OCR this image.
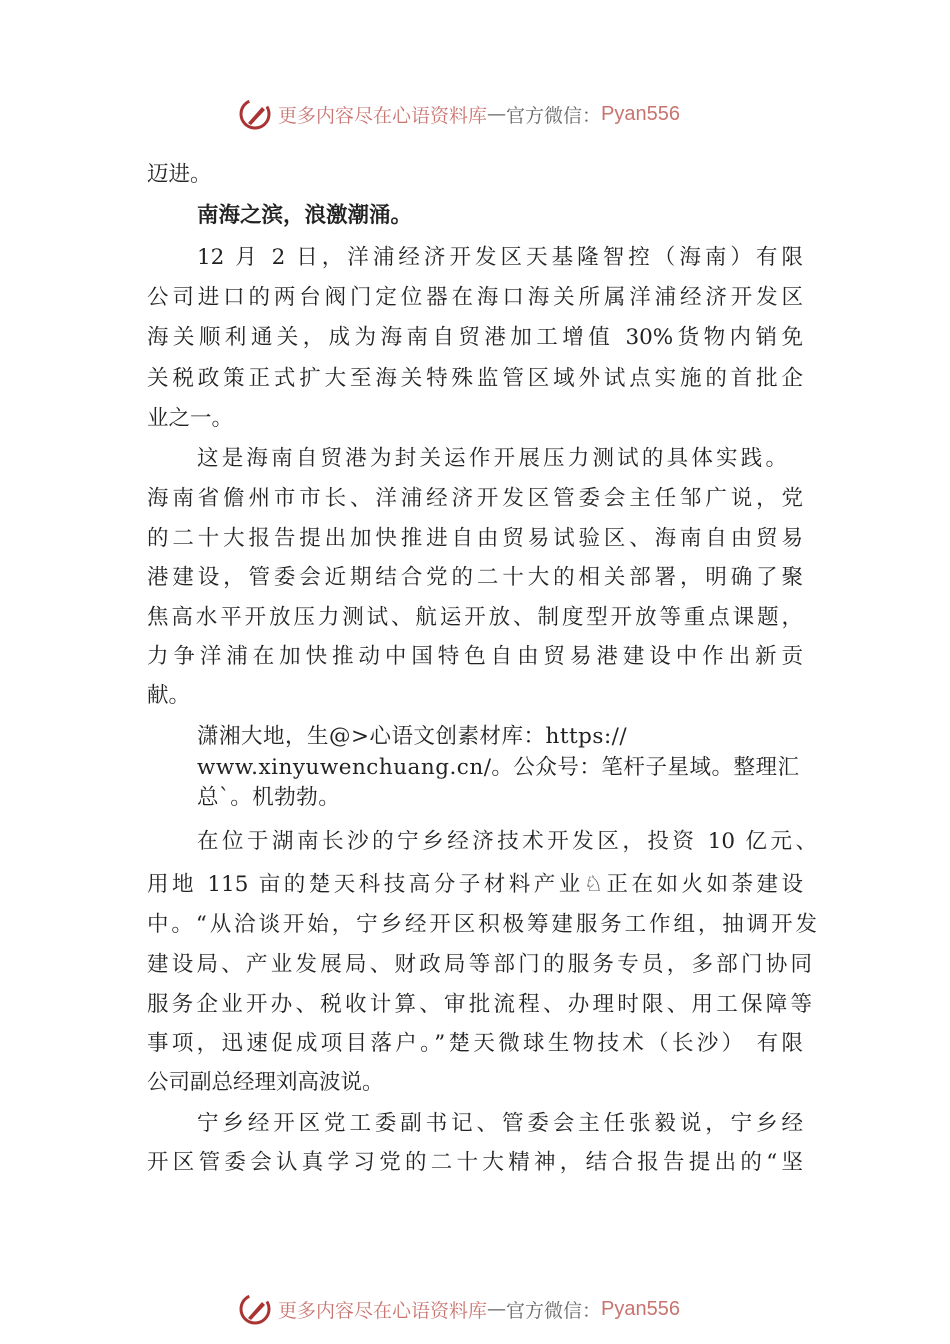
更多内容尽在心语资料库 — 官方微信： Pyan556
迈进。
南海之滨，浪激潮涌。
12 月 2 日，洋浦经济开发区天基隆智控（海南）有限
公司进口的两台阀门定位器在海口海关所属洋浦经济开发区
海关顺利通关，成为海南自贸港加工增值 30%货物内销免
关税政策正式扩大至海关特殊监管区域外试点实施的首批企
业之一。
这是海南自贸港为封关运作开展压力测试的具体实践。
海南省儋州市市长、洋浦经济开发区管委会主任邹广说，党
的二十大报告提出加快推进自由贸易试验区、海南自由贸易
港建设，管委会近期结合党的二十大的相关部署，明确了聚
焦高水平开放压力测试、航运开放、制度型开放等重点课题，
力争洋浦在加快推动中国特色自由贸易港建设中作出新贡
献。
潇湘大地，生@>心语文创素材库：https://
www.xinyuwenchuang.cn/。公众号：笔杆子星域。整理汇
总`。机勃勃。
在位于湖南长沙的宁乡经济技术开发区，投资 10 亿元、
用地 115 亩的楚天科技高分子材料产业♘正在如火如荼建设
中。“从洽谈开始，宁乡经开区积极筹建服务工作组，抽调开发
建设局、产业发展局、财政局等部门的服务专员，多部门协同
服务企业开办、税收计算、审批流程、办理时限、用工保障等
事项，迅速促成项目落户。”楚天微球生物技术（长沙） 有限
公司副总经理刘高波说。
宁乡经开区党工委副书记、管委会主任张毅说，宁乡经
开区管委会认真学习党的二十大精神，结合报告提出的“坚
更多内容尽在心语资料库 — 官方微信： Pyan556
